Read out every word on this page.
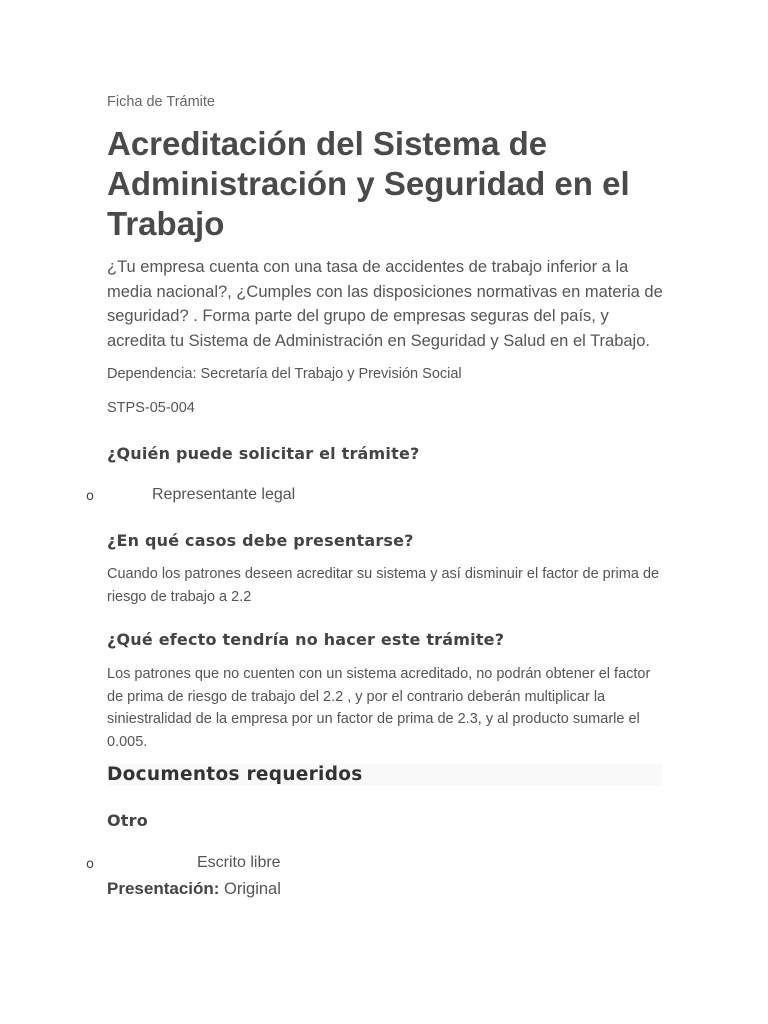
Ficha de Trámite
Acreditación del Sistema de Administración y Seguridad en el Trabajo

¿Tu empresa cuenta con una tasa de accidentes de trabajo inferior a la media nacional?, ¿Cumples con las disposiciones normativas en materia de seguridad? . Forma parte del grupo de empresas seguras del país, y acredita tu Sistema de Administración en Seguridad y Salud en el Trabajo.

Dependencia: Secretaría del Trabajo y Previsión Social
STPS-05-004
¿Quién puede solicitar el trámite?
Representante legal
¿En qué casos debe presentarse?

Cuando los patrones deseen acreditar su sistema y así disminuir el factor de prima de riesgo de trabajo a 2.2

¿Qué efecto tendría no hacer este trámite?

Los patrones que no cuenten con un sistema acreditado, no podrán obtener el factor de prima de riesgo de trabajo del 2.2 , y por el contrario deberán multiplicar la siniestralidad de la empresa por un factor de prima de 2.3, y al producto sumarle el 0.005.

Documentos requeridos
Otro
Escrito libre
Presentación: Original
o
o
